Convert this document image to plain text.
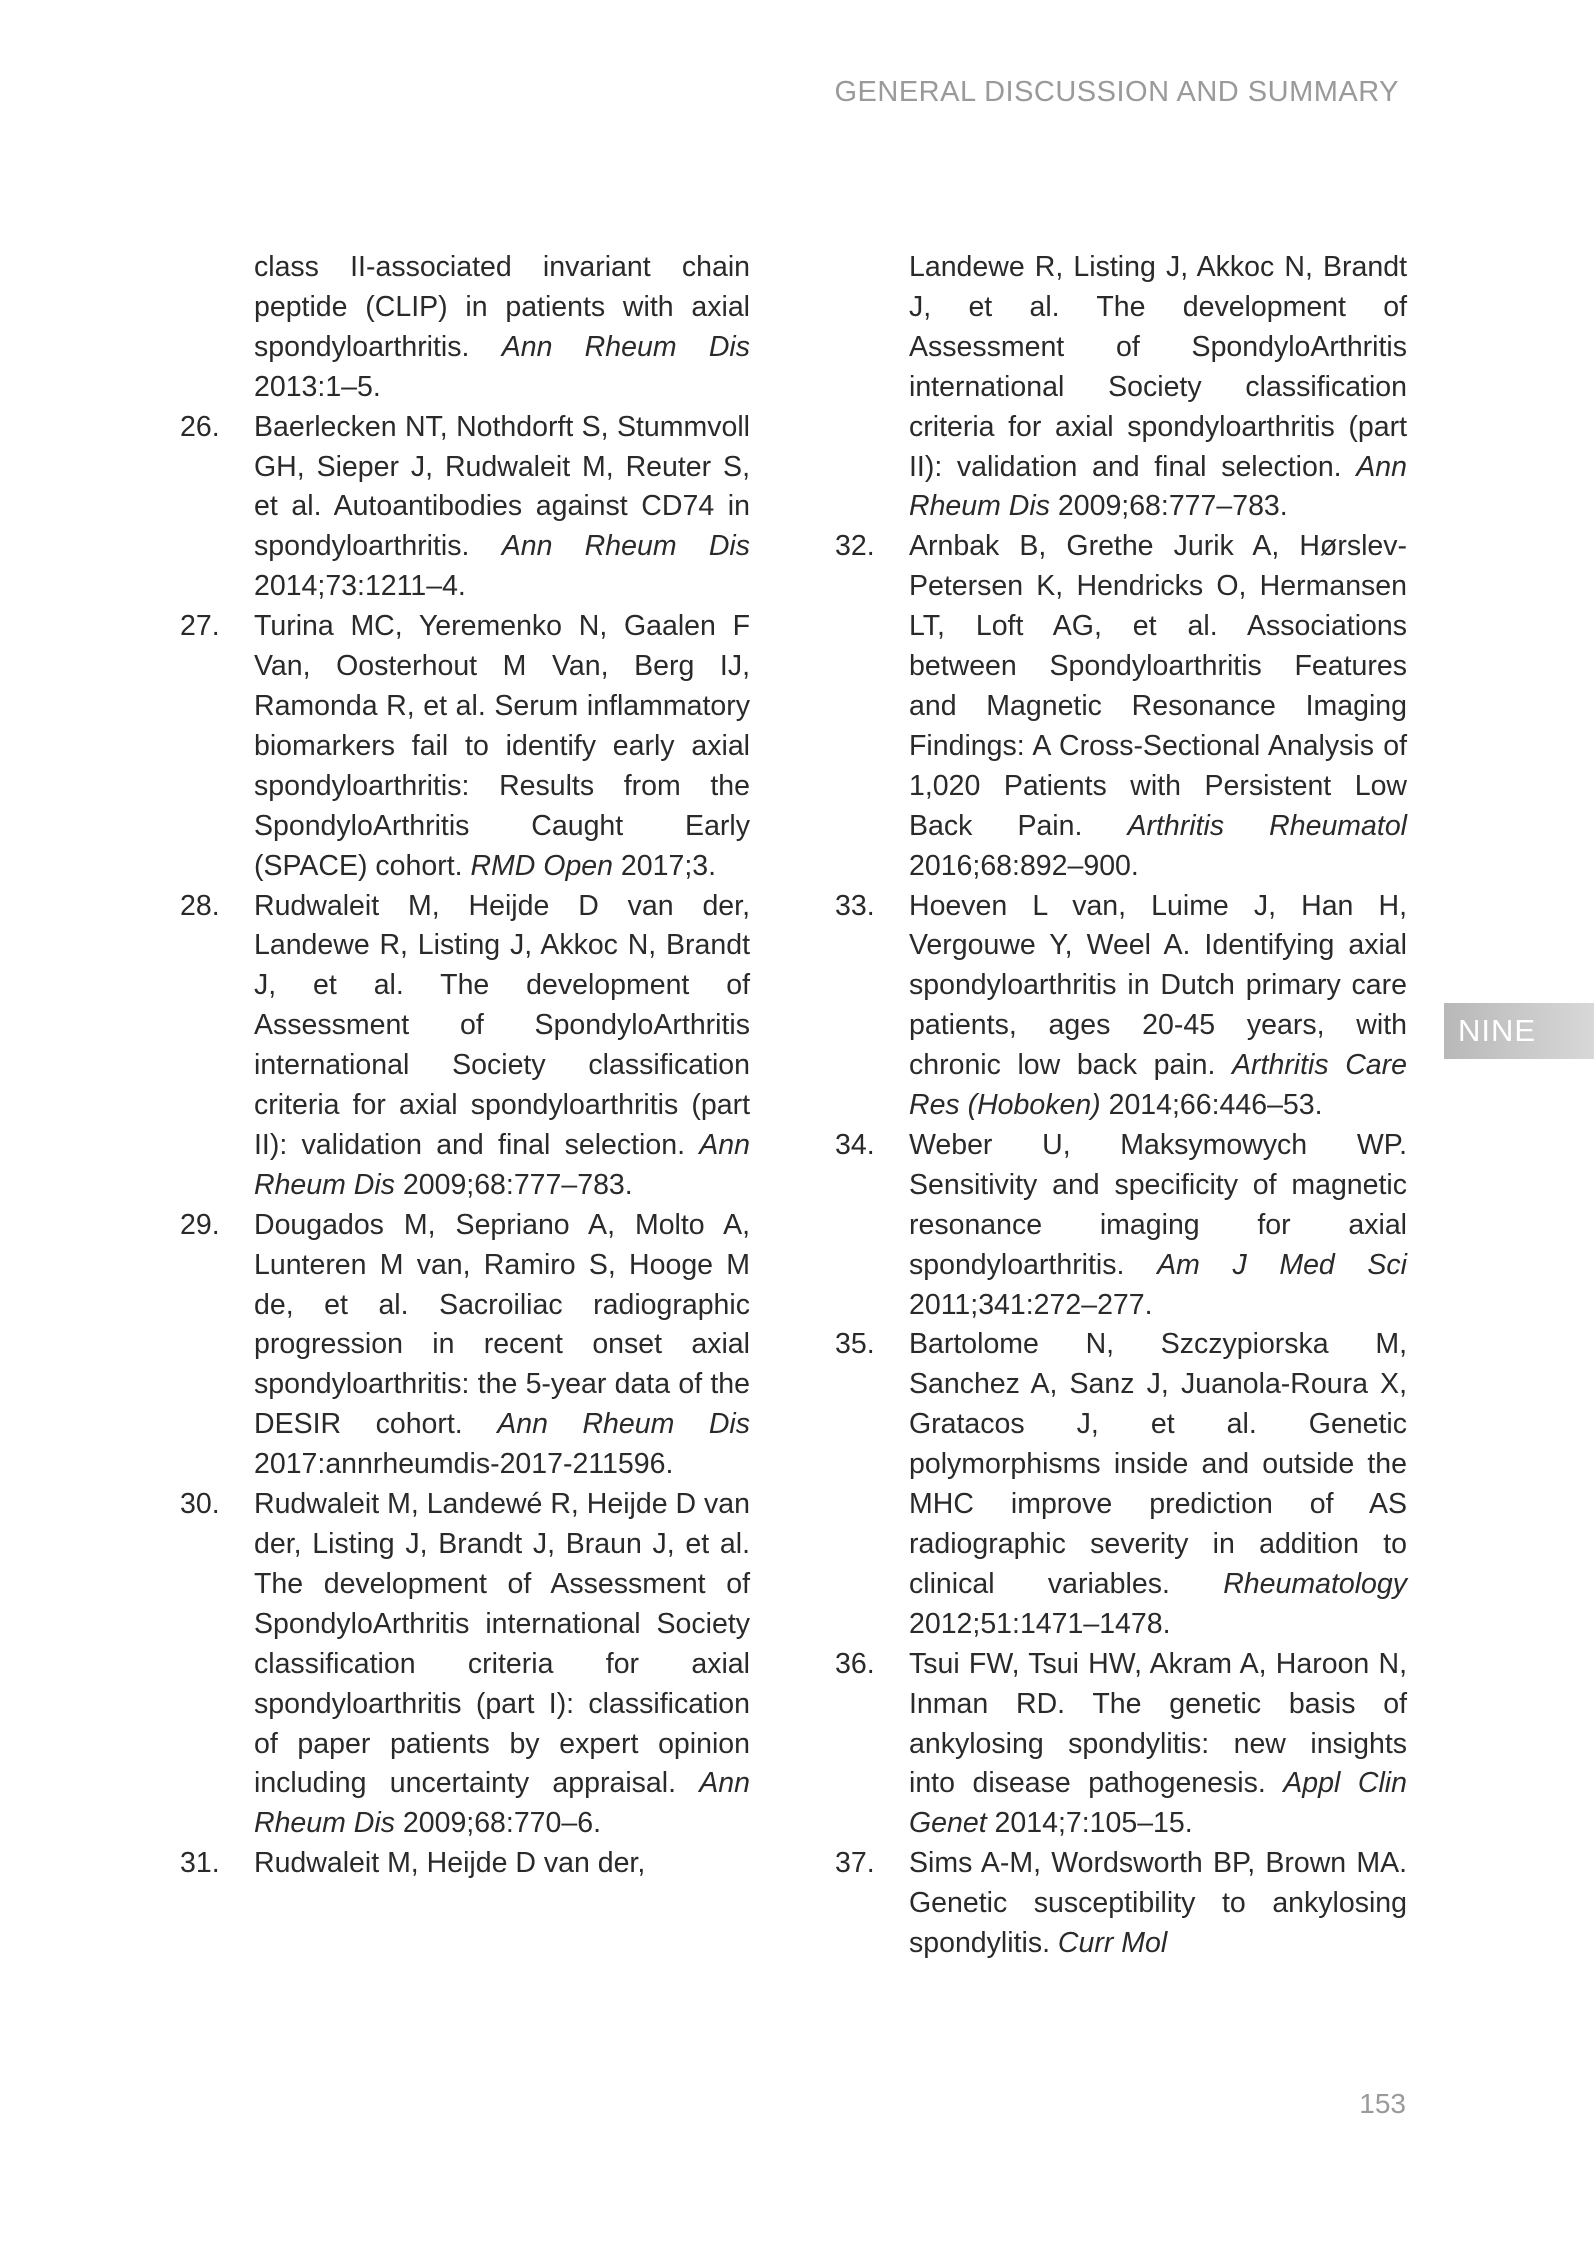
GENERAL DISCUSSION AND SUMMARY
class II-associated invariant chain peptide (CLIP) in patients with axial spondyloarthritis. Ann Rheum Dis 2013:1–5.
26.	Baerlecken NT, Nothdorft S, Stummvoll GH, Sieper J, Rudwaleit M, Reuter S, et al. Autoantibodies against CD74 in spondyloarthritis. Ann Rheum Dis 2014;73:1211–4.
27.	Turina MC, Yeremenko N, Gaalen F Van, Oosterhout M Van, Berg IJ, Ramonda R, et al. Serum inflammatory biomarkers fail to identify early axial spondyloarthritis: Results from the SpondyloArthritis Caught Early (SPACE) cohort. RMD Open 2017;3.
28.	Rudwaleit M, Heijde D van der, Landewe R, Listing J, Akkoc N, Brandt J, et al. The development of Assessment of SpondyloArthritis international Society classification criteria for axial spondyloarthritis (part II): validation and final selection. Ann Rheum Dis 2009;68:777–783.
29.	Dougados M, Sepriano A, Molto A, Lunteren M van, Ramiro S, Hooge M de, et al. Sacroiliac radiographic progression in recent onset axial spondyloarthritis: the 5-year data of the DESIR cohort. Ann Rheum Dis 2017:annrheumdis-2017-211596.
30.	Rudwaleit M, Landewé R, Heijde D van der, Listing J, Brandt J, Braun J, et al. The development of Assessment of SpondyloArthritis international Society classification criteria for axial spondyloarthritis (part I): classification of paper patients by expert opinion including uncertainty appraisal. Ann Rheum Dis 2009;68:770–6.
31.	Rudwaleit M, Heijde D van der,
Landewe R, Listing J, Akkoc N, Brandt J, et al. The development of Assessment of SpondyloArthritis international Society classification criteria for axial spondyloarthritis (part II): validation and final selection. Ann Rheum Dis 2009;68:777–783.
32.	Arnbak B, Grethe Jurik A, Hørslev-Petersen K, Hendricks O, Hermansen LT, Loft AG, et al. Associations between Spondyloarthritis Features and Magnetic Resonance Imaging Findings: A Cross-Sectional Analysis of 1,020 Patients with Persistent Low Back Pain. Arthritis Rheumatol 2016;68:892–900.
33.	Hoeven L van, Luime J, Han H, Vergouwe Y, Weel A. Identifying axial spondyloarthritis in Dutch primary care patients, ages 20-45 years, with chronic low back pain. Arthritis Care Res (Hoboken) 2014;66:446–53.
34.	Weber U, Maksymowych WP. Sensitivity and specificity of magnetic resonance imaging for axial spondyloarthritis. Am J Med Sci 2011;341:272–277.
35.	Bartolome N, Szczypiorska M, Sanchez A, Sanz J, Juanola-Roura X, Gratacos J, et al. Genetic polymorphisms inside and outside the MHC improve prediction of AS radiographic severity in addition to clinical variables. Rheumatology 2012;51:1471–1478.
36.	Tsui FW, Tsui HW, Akram A, Haroon N, Inman RD. The genetic basis of ankylosing spondylitis: new insights into disease pathogenesis. Appl Clin Genet 2014;7:105–15.
37.	Sims A-M, Wordsworth BP, Brown MA. Genetic susceptibility to ankylosing spondylitis. Curr Mol
NINE
153
